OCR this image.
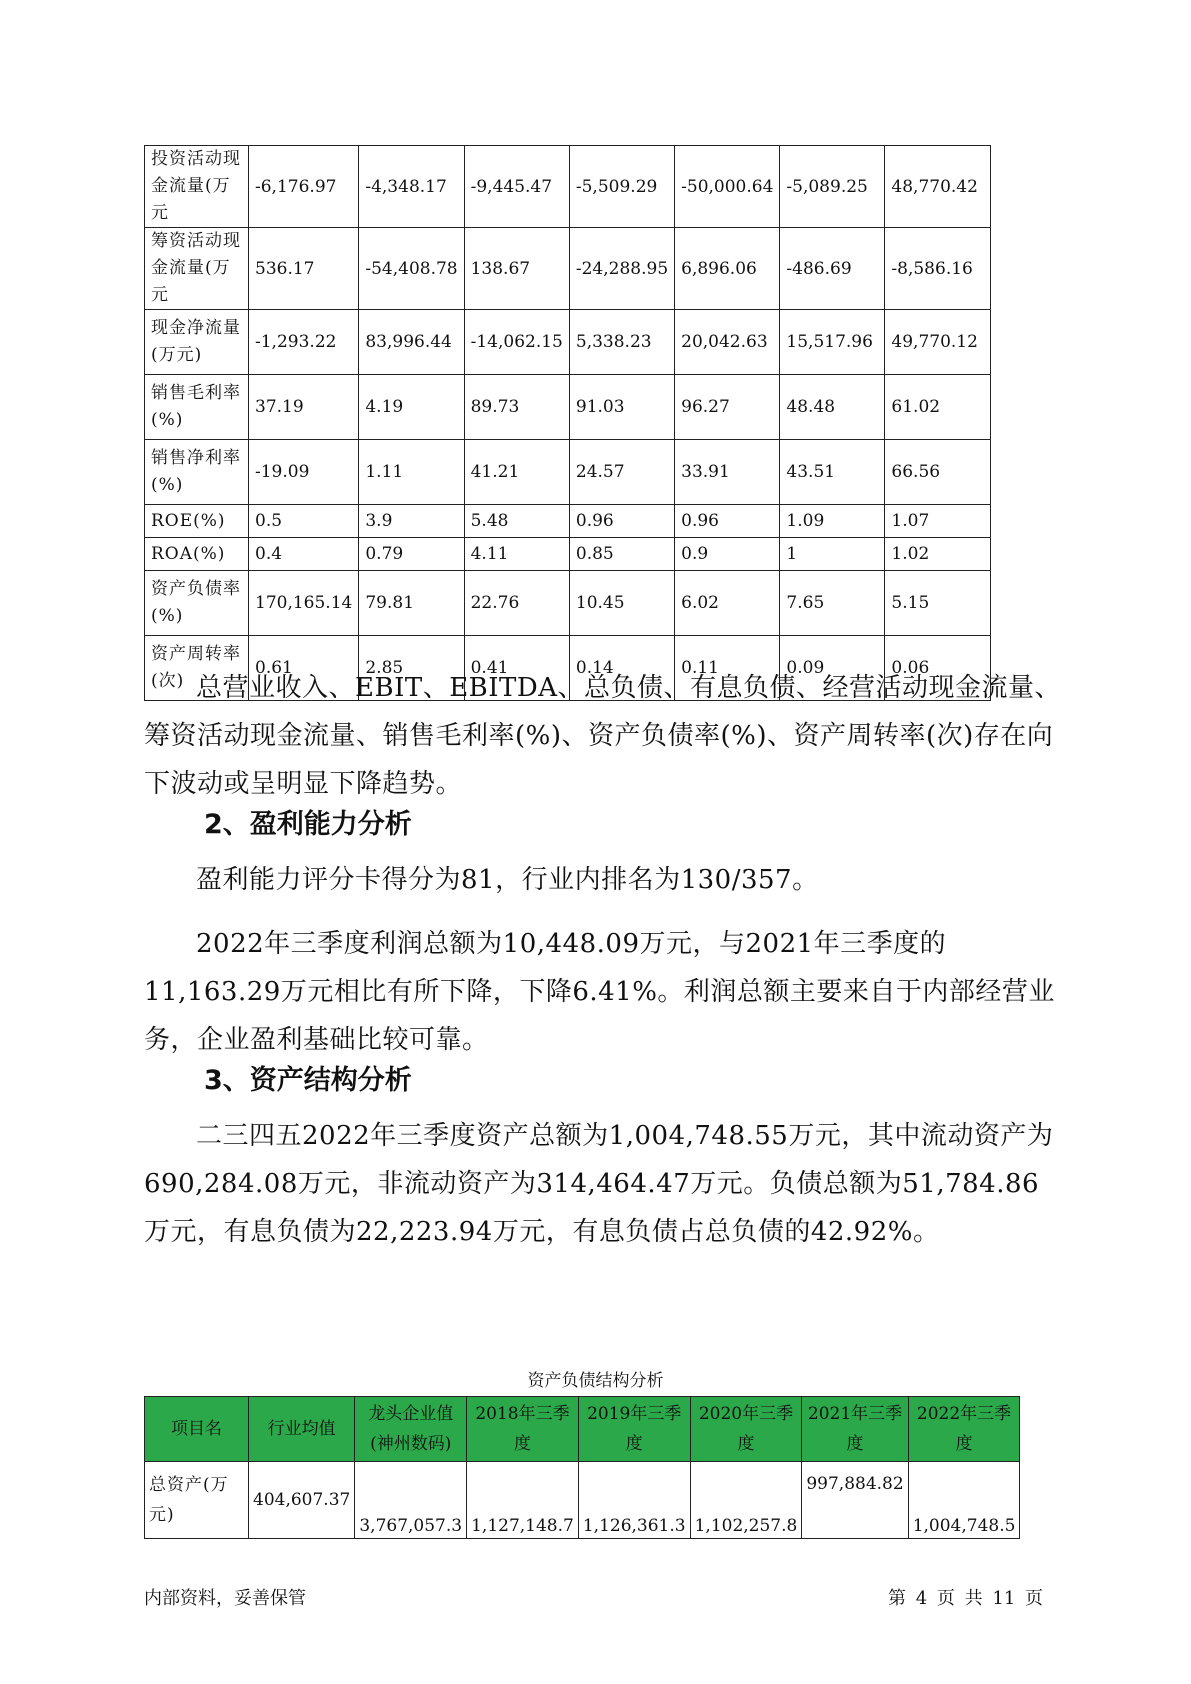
投资活动现金流量(万元	-6,176.97	-4,348.17	-9,445.47	-5,509.29	-50,000.64	-5,089.25	48,770.42
筹资活动现金流量(万元	536.17	-54,408.78	138.67	-24,288.95	6,896.06	-486.69	-8,586.16
现金净流量(万元)	-1,293.22	83,996.44	-14,062.15	5,338.23	20,042.63	15,517.96	49,770.12
销售毛利率(%)	37.19	4.19	89.73	91.03	96.27	48.48	61.02
销售净利率(%)	-19.09	1.11	41.21	24.57	33.91	43.51	66.56
ROE(%)	0.5	3.9	5.48	0.96	0.96	1.09	1.07
ROA(%)	0.4	0.79	4.11	0.85	0.9	1	1.02
资产负债率(%)	170,165.14	79.81	22.76	10.45	6.02	7.65	5.15
资产周转率(次)	0.61	2.85	0.41	0.14	0.11	0.09	0.06
总营业收入、EBIT、EBITDA、总负债、有息负债、经营活动现金流量、筹资活动现金流量、销售毛利率(%)、资产负债率(%)、资产周转率(次)存在向下波动或呈明显下降趋势。
2、盈利能力分析
盈利能力评分卡得分为81，行业内排名为130/357。
2022年三季度利润总额为10,448.09万元，与2021年三季度的11,163.29万元相比有所下降，下降6.41%。利润总额主要来自于内部经营业务，企业盈利基础比较可靠。
3、资产结构分析
二三四五2022年三季度资产总额为1,004,748.55万元，其中流动资产为690,284.08万元，非流动资产为314,464.47万元。负债总额为51,784.86万元，有息负债为22,223.94万元，有息负债占总负债的42.92%。
资产负债结构分析
项目名	行业均值	龙头企业值(神州数码)	2018年三季度	2019年三季度	2020年三季度	2021年三季度	2022年三季度
总资产(万元)	404,607.37	3,767,057.3	1,127,148.7	1,126,361.3	1,102,257.8	997,884.82	1,004,748.5
内部资料，妥善保管	第 4 页 共 11 页
